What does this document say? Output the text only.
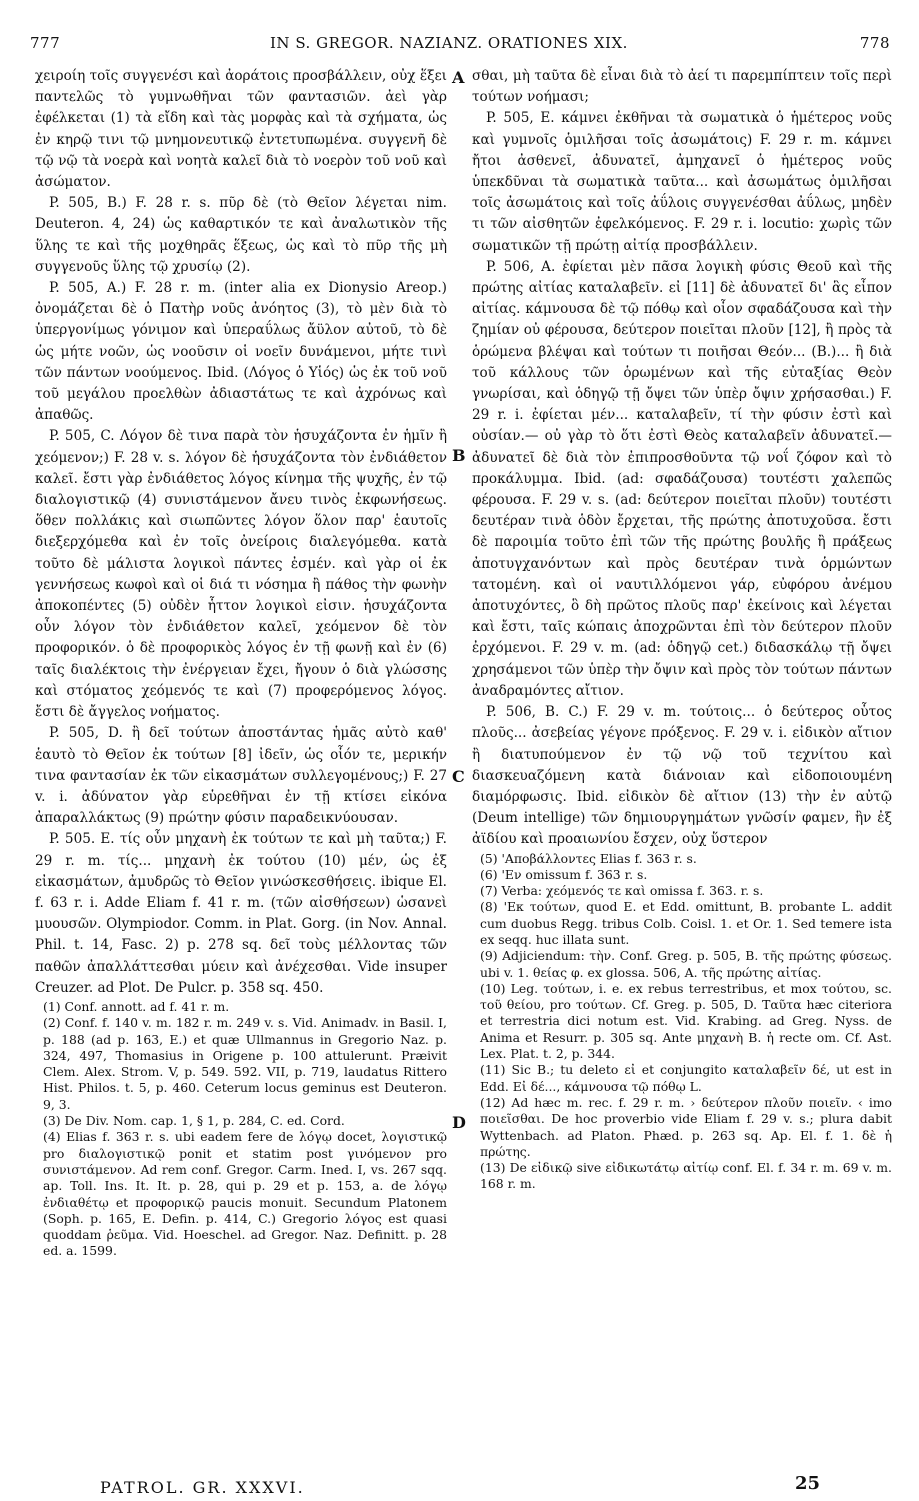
777	IN S. GREGOR. NAZIANZ. ORATIONES XIX.	778

χειροίη τοῖς συγγενέσι καὶ ἀοράτοις προσβάλλειν, οὐχ ἕξει παντελῶς τὸ γυμνωθῆναι τῶν φαντασιῶν. ἀεὶ γὰρ ἐφέλκεται (1) τὰ εἴδη καὶ τὰς μορφὰς καὶ τὰ σχήματα, ὡς ἐν κηρῷ τινι τῷ μνημονευτικῷ ἐντετυπωμένα. συγγενῆ δὲ τῷ νῷ τὰ νοερὰ καὶ νοητὰ καλεῖ διὰ τὸ νοερὸν τοῦ νοῦ καὶ ἀσώματον.

P. 505, B.) F. 28 r. s. πῦρ δὲ (τὸ Θεῖον λέγεται nim. Deuteron. 4, 24) ὡς καθαρτικόν τε καὶ ἀναλωτικὸν τῆς ὕλης τε καὶ τῆς μοχθηρᾶς ἕξεως, ὡς καὶ τὸ πῦρ τῆς μὴ συγγενοῦς ὕλης τῷ χρυσίῳ (2).

P. 505, A.) F. 28 r. m. (inter alia ex Dionysio Areop.) ὀνομάζεται δὲ ὁ Πατὴρ νοῦς ἀνόητος (3), τὸ μὲν διὰ τὸ ὑπεργονίμως γόνιμον καὶ ὑπεραΰλως ἄϋλον αὐτοῦ, τὸ δὲ ὡς μήτε νοῶν, ὡς νοοῦσιν οἱ νοεῖν δυνάμενοι, μήτε τινὶ τῶν πάντων νοούμενος. Ibid. (Λόγος ὁ Υἱός) ὡς ἐκ τοῦ νοῦ τοῦ μεγάλου προελθὼν ἀδιαστάτως τε καὶ ἀχρόνως καὶ ἀπαθῶς.

P. 505, C. Λόγον δὲ τινα παρὰ τὸν ἡσυχάζοντα ἐν ἡμῖν ἢ χεόμενον;) F. 28 v. s. λόγον δὲ ἡσυχάζοντα τὸν ἐνδιάθετον καλεῖ. ἔστι γὰρ ἐνδιάθετος λόγος κίνημα τῆς ψυχῆς, ἐν τῷ διαλογιστικῷ (4) συνιστάμενον ἄνευ τινὸς ἐκφωνήσεως. ὅθεν πολλάκις καὶ σιωπῶντες λόγον ὅλον παρ' ἑαυτοῖς διεξερχόμεθα καὶ ἐν τοῖς ὀνείροις διαλεγόμεθα. κατὰ τοῦτο δὲ μάλιστα λογικοὶ πάντες ἐσμέν. καὶ γὰρ οἱ ἐκ γεννήσεως κωφοὶ καὶ οἱ διά τι νόσημα ἢ πάθος τὴν φωνὴν ἀποκοπέντες (5) οὐδὲν ἧττον λογικοὶ εἰσιν. ἡσυχάζοντα οὖν λόγον τὸν ἐνδιάθετον καλεῖ, χεόμενον δὲ τὸν προφορικόν. ὁ δὲ προφορικὸς λόγος ἐν τῇ φωνῇ καὶ ἐν (6) ταῖς διαλέκτοις τὴν ἐνέργειαν ἔχει, ἤγουν ὁ διὰ γλώσσης καὶ στόματος χεόμενός τε καὶ (7) προφερόμενος λόγος. ἔστι δὲ ἄγγελος νοήματος.

P. 505, D. ἢ δεῖ τούτων ἀποστάντας ἡμᾶς αὐτὸ καθ' ἑαυτὸ τὸ Θεῖον ἐκ τούτων [8] ἰδεῖν, ὡς οἷόν τε, μερικήν τινα φαντασίαν ἐκ τῶν εἰκασμάτων συλλεγομένους;) F. 27 v. i. ἀδύνατον γὰρ εὑρεθῆναι ἐν τῇ κτίσει εἰκόνα ἀπαραλλάκτως (9) πρώτην φύσιν παραδεικνύουσαν.

P. 505. E. τίς οὖν μηχανὴ ἐκ τούτων τε καὶ μὴ ταῦτα;) F. 29 r. m. τίς... μηχανὴ ἐκ τούτου (10) μέν, ὡς ἐξ εἰκασμάτων, ἀμυδρῶς τὸ Θεῖον γινώσκεσθήσεις. ibique El. f. 63 r. i. Adde Eliam f. 41 r. m. (τῶν αἰσθήσεων) ὡσανεὶ μυουσῶν. Olympiodor. Comm. in Plat. Gorg. (in Nov. Annal. Phil. t. 14, Fasc. 2) p. 278 sq. δεῖ τοὺς μέλλοντας τῶν παθῶν ἀπαλλάττεσθαι μύειν καὶ ἀνέχεσθαι. Vide insuper Creuzer. ad Plot. De Pulcr. p. 358 sq. 450.

(1) Conf. annott. ad f. 41 r. m.

(2) Conf. f. 140 v. m. 182 r. m. 249 v. s. Vid. Animadv. in Basil. I, p. 188 (ad p. 163, E.) et quæ Ullmannus in Gregorio Naz. p. 324, 497, Thomasius in Origene p. 100 attulerunt. Præivit Clem. Alex. Strom. V, p. 549. 592. VII, p. 719, laudatus Rittero Hist. Philos. t. 5, p. 460. Ceterum locus geminus est Deuteron. 9, 3.

(3) De Div. Nom. cap. 1, § 1, p. 284, C. ed. Cord.

(4) Elias f. 363 r. s. ubi eadem fere de λόγῳ docet, λογιστικῷ pro διαλογιστικῷ ponit et statim post γινόμενον pro συνιστάμενον. Ad rem conf. Gregor. Carm. Ined. I, vs. 267 sqq. ap. Toll. Ins. It. It. p. 28, qui p. 29 et p. 153, a. de λόγῳ ἐνδιαθέτῳ et προφορικῷ paucis monuit. Secundum Platonem (Soph. p. 165, E. Defin. p. 414, C.) Gregorio λόγος est quasi quoddam ῥεῦμα. Vid. Hoeschel. ad Gregor. Naz. Definitt. p. 28 ed. a. 1599.

A
B
C
D

σθαι, μὴ ταῦτα δὲ εἶναι διὰ τὸ ἀεί τι παρεμπίπτειν τοῖς περὶ τούτων νοήμασι;

P. 505, E. κάμνει ἐκθῆναι τὰ σωματικὰ ὁ ἡμέτερος νοῦς καὶ γυμνοῖς ὁμιλῆσαι τοῖς ἀσωμάτοις) F. 29 r. m. κάμνει ἤτοι ἀσθενεῖ, ἀδυνατεῖ, ἀμηχανεῖ ὁ ἡμέτερος νοῦς ὑπεκδῦναι τὰ σωματικὰ ταῦτα... καὶ ἀσωμάτως ὁμιλῆσαι τοῖς ἀσωμάτοις καὶ τοῖς ἀΰλοις συγγενέσθαι ἀΰλως, μηδὲν τι τῶν αἰσθητῶν ἐφελκόμενος. F. 29 r. i. locutio: χωρὶς τῶν σωματικῶν τῇ πρώτῃ αἰτίᾳ προσβάλλειν.

P. 506, A. ἐφίεται μὲν πᾶσα λογικὴ φύσις Θεοῦ καὶ τῆς πρώτης αἰτίας καταλαβεῖν. εἰ [11] δὲ ἀδυνατεῖ δι' ἃς εἶπον αἰτίας. κάμνουσα δὲ τῷ πόθῳ καὶ οἷον σφαδάζουσα καὶ τὴν ζημίαν οὐ φέρουσα, δεύτερον ποιεῖται πλοῦν [12], ἢ πρὸς τὰ ὁρώμενα βλέψαι καὶ τούτων τι ποιῆσαι Θεόν... (B.)... ἢ διὰ τοῦ κάλλους τῶν ὁρωμένων καὶ τῆς εὐταξίας Θεὸν γνωρίσαι, καὶ ὁδηγῷ τῇ ὄψει τῶν ὑπὲρ ὄψιν χρήσασθαι.) F. 29 r. i. ἐφίεται μέν... καταλαβεῖν, τί τὴν φύσιν ἐστὶ καὶ οὐσίαν.— οὐ γὰρ τὸ ὅτι ἐστὶ Θεὸς καταλαβεῖν ἀδυνατεῖ.— ἀδυνατεῖ δὲ διὰ τὸν ἐπιπροσθοῦντα τῷ νοΐ ζόφον καὶ τὸ προκάλυμμα. Ibid. (ad: σφαδάζουσα) τουτέστι χαλεπῶς φέρουσα. F. 29 v. s. (ad: δεύτερον ποιεῖται πλοῦν) τουτέστι δευτέραν τινὰ ὁδὸν ἔρχεται, τῆς πρώτης ἀποτυχοῦσα. ἔστι δὲ παροιμία τοῦτο ἐπὶ τῶν τῆς πρώτης βουλῆς ἢ πράξεως ἀποτυγχανόντων καὶ πρὸς δευτέραν τινὰ ὁρμώντων τατομένη. καὶ οἱ ναυτιλλόμενοι γάρ, εὐφόρου ἀνέμου ἀποτυχόντες, ὃ δὴ πρῶτος πλοῦς παρ' ἐκείνοις καὶ λέγεται καὶ ἔστι, ταῖς κώπαις ἀποχρῶνται ἐπὶ τὸν δεύτερον πλοῦν ἐρχόμενοι. F. 29 v. m. (ad: ὁδηγῷ cet.) διδασκάλῳ τῇ ὄψει χρησάμενοι τῶν ὑπὲρ τὴν ὄψιν καὶ πρὸς τὸν τούτων πάντων ἀναδραμόντες αἴτιον.

P. 506, B. C.) F. 29 v. m. τούτοις... ὁ δεύτερος οὗτος πλοῦς... ἀσεβείας γέγονε πρόξενος. F. 29 v. i. εἰδικὸν αἴτιον ἢ διατυπούμενον ἐν τῷ νῷ τοῦ τεχνίτου καὶ διασκευαζόμενη κατὰ διάνοιαν καὶ εἰδοποιουμένη διαμόρφωσις. Ibid. εἰδικὸν δὲ αἴτιον (13) τὴν ἐν αὐτῷ (Deum intellige) τῶν δημιουργημάτων γνῶσίν φαμεν, ἣν ἐξ ἀϊδίου καὶ προαιωνίου ἔσχεν, οὐχ ὕστερον

(5) 'Αποβάλλοντες Elias f. 363 r. s.

(6) 'Εν omissum f. 363 r. s.

(7) Verba: χεόμενός τε καὶ omissa f. 363. r. s.

(8) 'Εκ τούτων, quod E. et Edd. omittunt, B. probante L. addit cum duobus Regg. tribus Colb. Coisl. 1. et Or. 1. Sed temere ista ex seqq. huc illata sunt.

(9) Adjiciendum: τὴν. Conf. Greg. p. 505, B. τῆς πρώτης φύσεως. ubi v. 1. θείας φ. ex glossa. 506, A. τῆς πρώτης αἰτίας.

(10) Leg. τούτων, i. e. ex rebus terrestribus, et mox τούτου, sc. τοῦ θείου, pro τούτων. Cf. Greg. p. 505, D. Ταῦτα hæc citeriora et terrestria dici notum est. Vid. Krabing. ad Greg. Nyss. de Anima et Resurr. p. 305 sq. Ante μηχανὴ B. ἡ recte om. Cf. Ast. Lex. Plat. t. 2, p. 344.

(11) Sic B.; tu deleto εἰ et conjungito καταλαβεῖν δέ, ut est in Edd. Εἰ δέ..., κάμνουσα τῷ πόθῳ L.

(12) Ad hæc m. rec. f. 29 r. m. › δεύτερον πλοῦν ποιεῖν. ‹ imo ποιεῖσθαι. De hoc proverbio vide Eliam f. 29 v. s.; plura dabit Wyttenbach. ad Platon. Phæd. p. 263 sq. Ap. El. f. 1. δὲ ἡ πρώτης.

(13) De εἰδικῷ sive εἰδικωτάτῳ αἰτίῳ conf. El. f. 34 r. m. 69 v. m. 168 r. m.

PATROL. GR. XXXVI.	25
